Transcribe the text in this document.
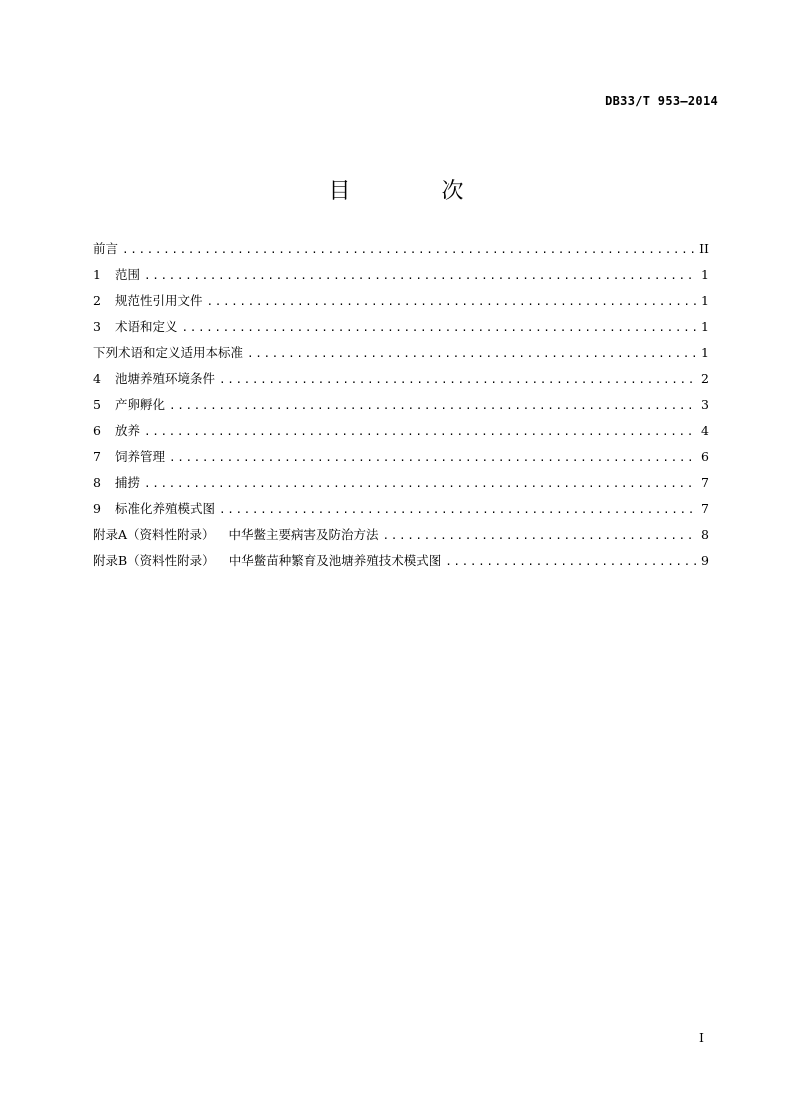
DB33/T 953—2014
目 次
前言 .....	II
1	范围 .....	1
2	规范性引用文件 .....	1
3	术语和定义 .....	1
下列术语和定义适用本标准 .....	1
4	池塘养殖环境条件 .....	2
5	产卵孵化 .....	3
6	放养 .....	4
7	饲养管理 .....	6
8	捕捞 .....	7
9	标准化养殖模式图 .....	7
附录A（资料性附录） 中华鳖主要病害及防治方法 .....	8
附录B（资料性附录） 中华鳖苗种繁育及池塘养殖技术模式图 .....	9
I
